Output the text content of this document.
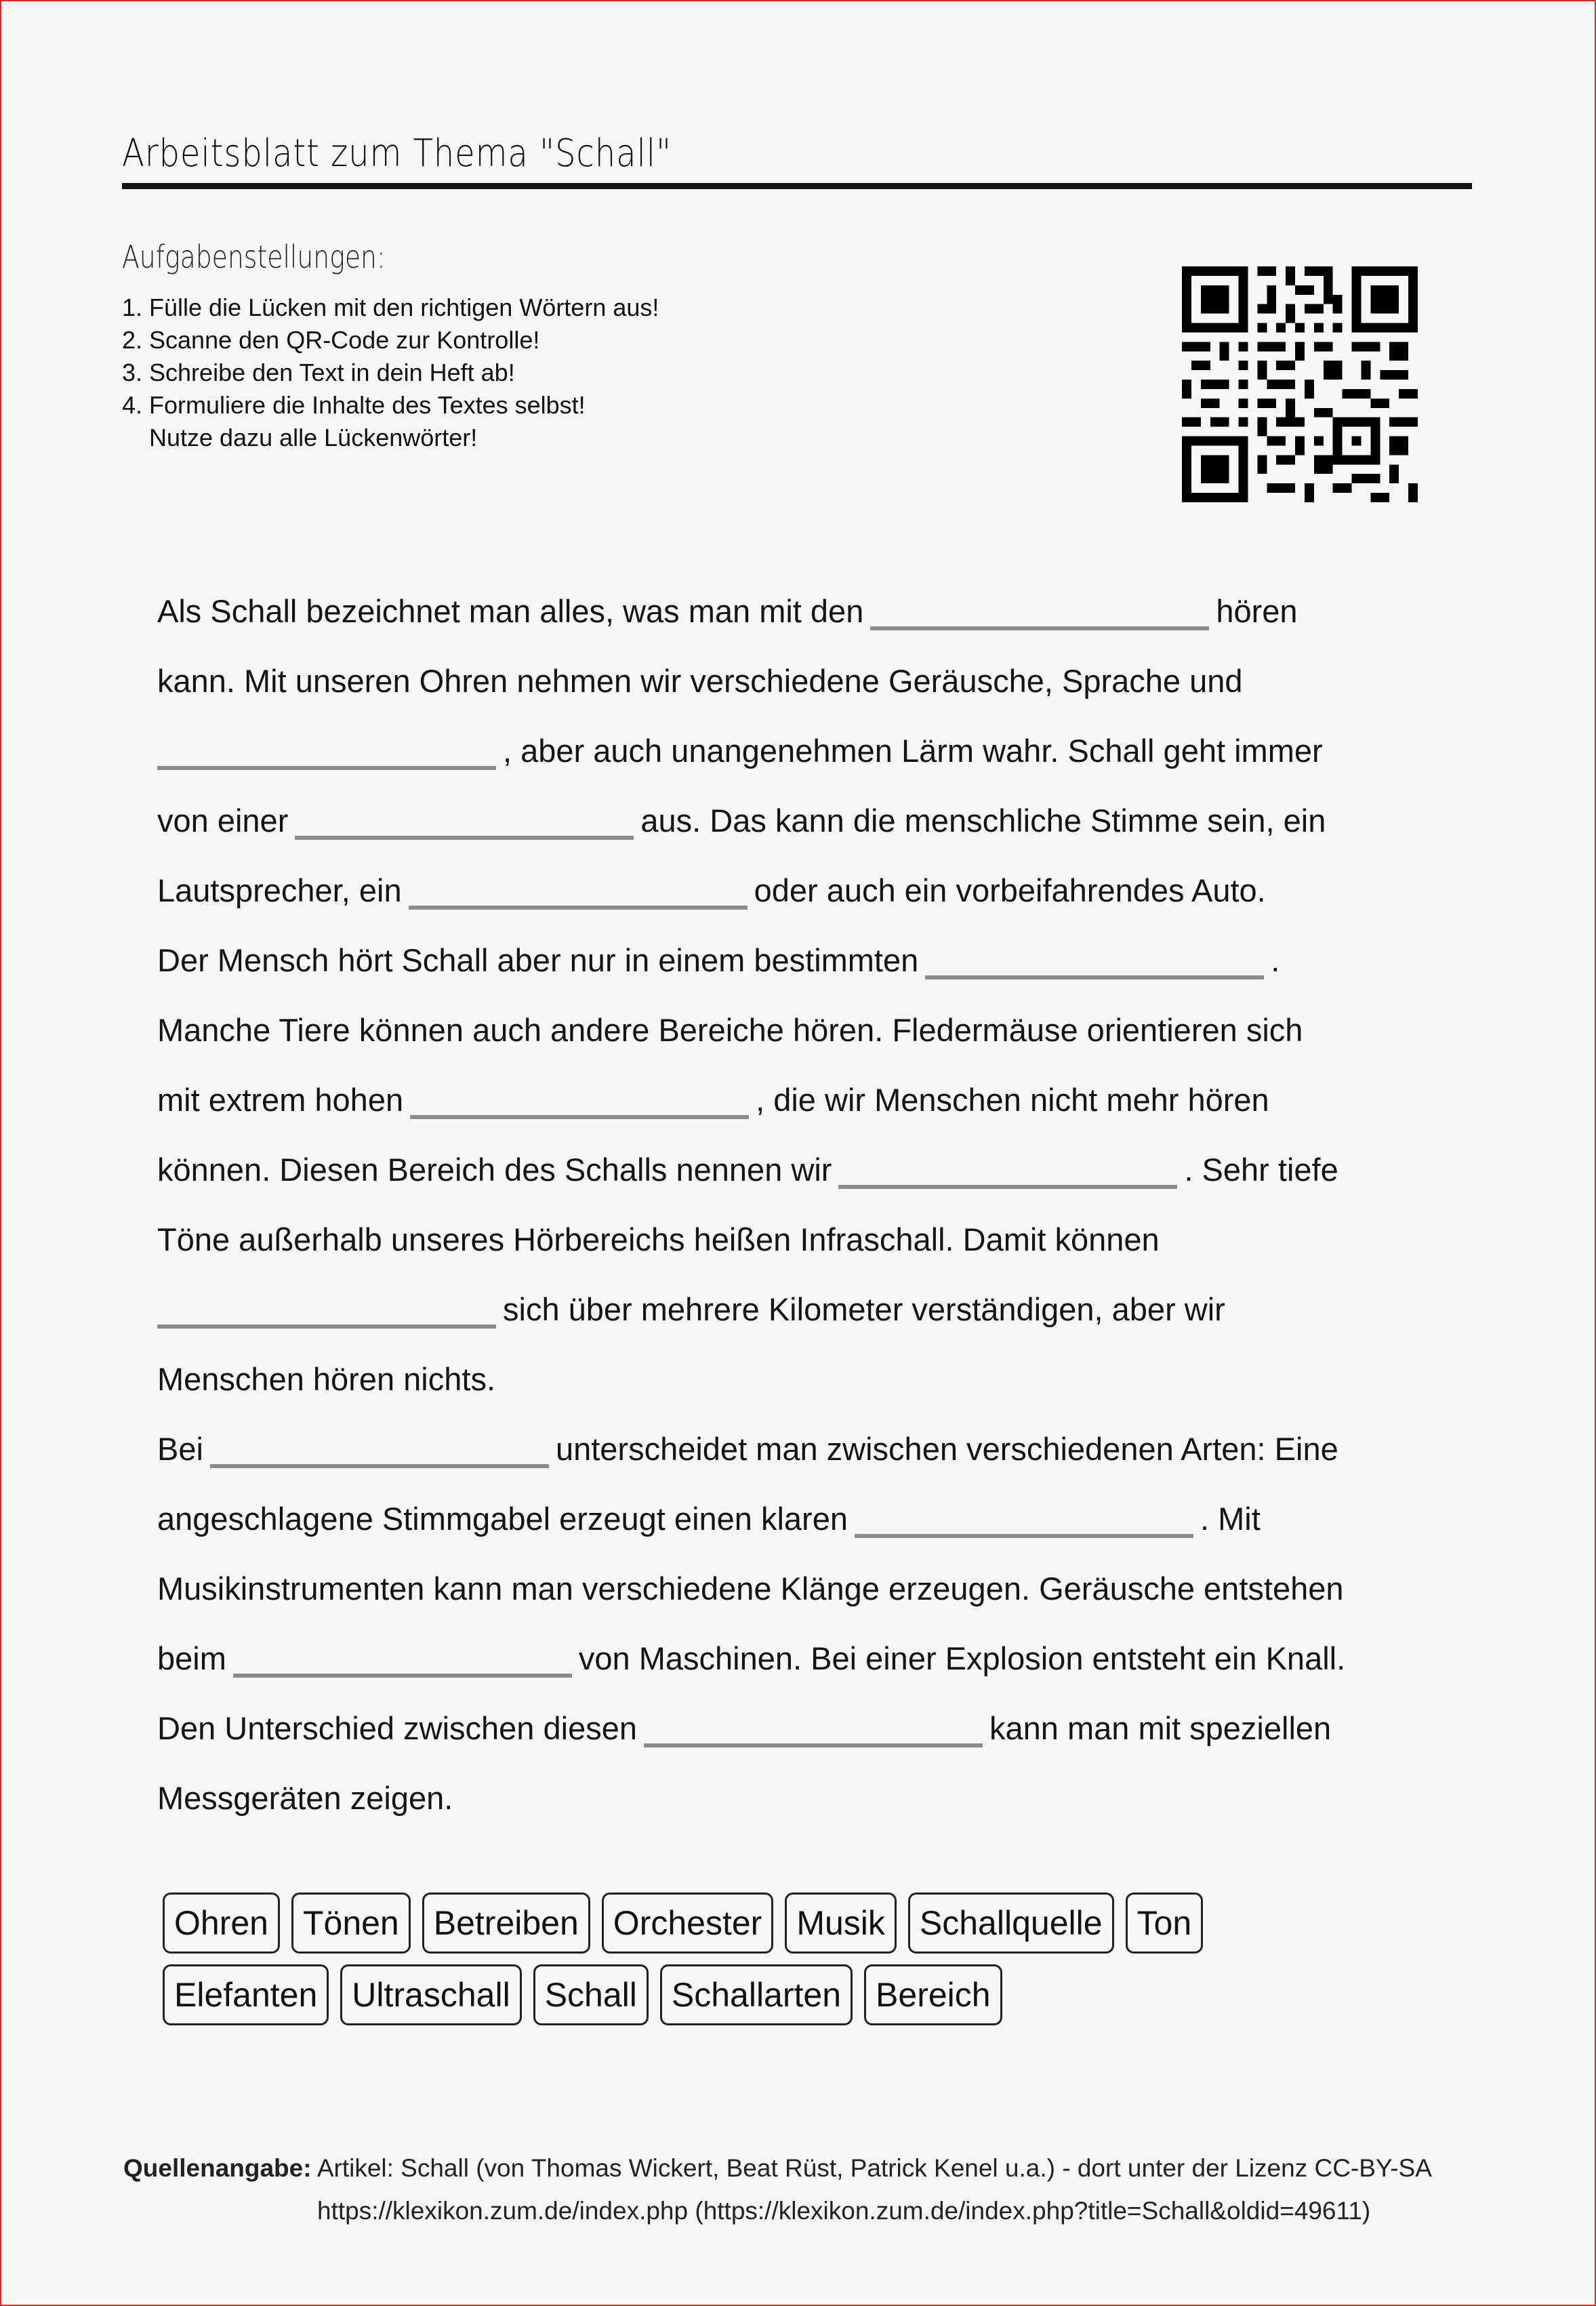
Arbeitsblatt zum Thema "Schall"
Aufgabenstellungen:
1. Fülle die Lücken mit den richtigen Wörtern aus!
2. Scanne den QR-Code zur Kontrolle!
3. Schreibe den Text in dein Heft ab!
4. Formuliere die Inhalte des Textes selbst!
Nutze dazu alle Lückenwörter!
Als Schall bezeichnet man alles, was man mit den	hören
kann. Mit unseren Ohren nehmen wir verschiedene Geräusche, Sprache und
, aber auch unangenehmen Lärm wahr. Schall geht immer
von einer	aus. Das kann die menschliche Stimme sein, ein
Lautsprecher, ein	oder auch ein vorbeifahrendes Auto.
Der Mensch hört Schall aber nur in einem bestimmten	.
Manche Tiere können auch andere Bereiche hören. Fledermäuse orientieren sich
mit extrem hohen	, die wir Menschen nicht mehr hören
können. Diesen Bereich des Schalls nennen wir	. Sehr tiefe
Töne außerhalb unseres Hörbereichs heißen Infraschall. Damit können
sich über mehrere Kilometer verständigen, aber wir
Menschen hören nichts.
Bei	unterscheidet man zwischen verschiedenen Arten: Eine
angeschlagene Stimmgabel erzeugt einen klaren	. Mit
Musikinstrumenten kann man verschiedene Klänge erzeugen. Geräusche entstehen
beim	von Maschinen. Bei einer Explosion entsteht ein Knall.
Den Unterschied zwischen diesen	kann man mit speziellen
Messgeräten zeigen.
Ohren	Tönen	Betreiben	Orchester	Musik	Schallquelle	Ton
Elefanten	Ultraschall	Schall	Schallarten	Bereich
Quellenangabe: Artikel: Schall (von Thomas Wickert, Beat Rüst, Patrick Kenel u.a.) - dort unter der Lizenz CC-BY-SA
https://klexikon.zum.de/index.php (https://klexikon.zum.de/index.php?title=Schall&oldid=49611)
